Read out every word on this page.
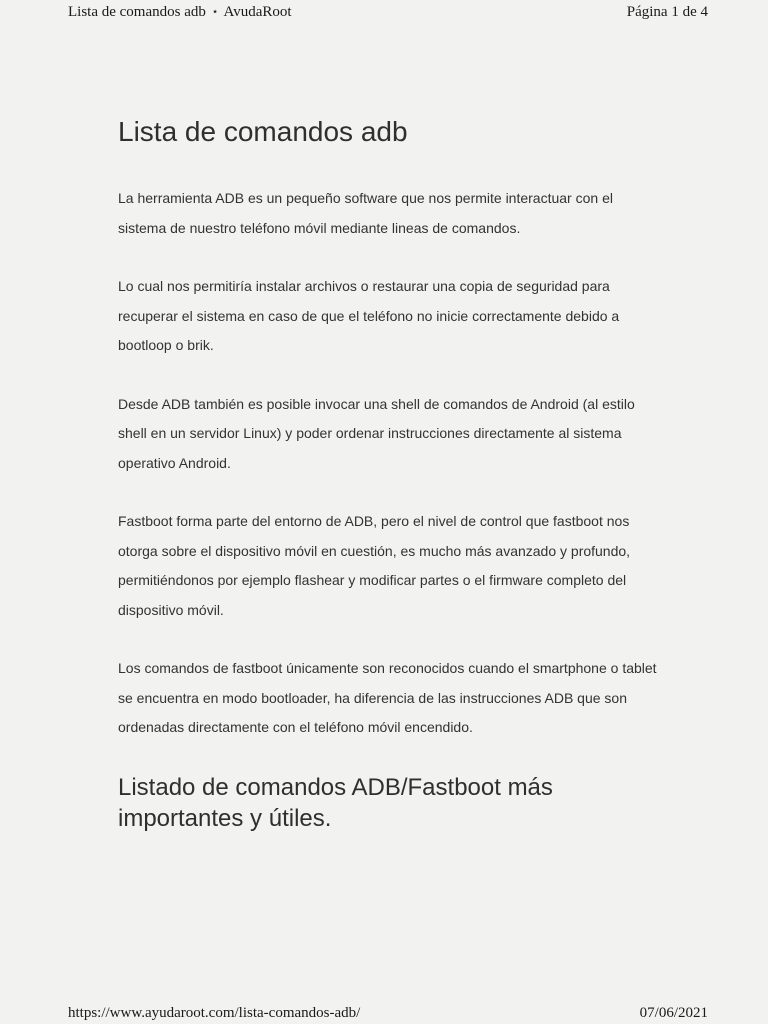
Lista de comandos adb ⋆ AvudaRoot	Página 1 de 4
Lista de comandos adb

La herramienta ADB es un pequeño software que nos permite interactuar con el sistema de nuestro teléfono móvil mediante lineas de comandos.

Lo cual nos permitiría instalar archivos o restaurar una copia de seguridad para recuperar el sistema en caso de que el teléfono no inicie correctamente debido a bootloop o brik.

Desde ADB también es posible invocar una shell de comandos de Android (al estilo shell en un servidor Linux) y poder ordenar instrucciones directamente al sistema operativo Android.

Fastboot forma parte del entorno de ADB, pero el nivel de control que fastboot nos otorga sobre el dispositivo móvil en cuestión, es mucho más avanzado y profundo, permitiéndonos por ejemplo flashear y modificar partes o el firmware completo del dispositivo móvil.

Los comandos de fastboot únicamente son reconocidos cuando el smartphone o tablet se encuentra en modo bootloader, ha diferencia de las instrucciones ADB que son ordenadas directamente con el teléfono móvil encendido.

Listado de comandos ADB/Fastboot más importantes y útiles.
https://www.ayudaroot.com/lista-comandos-adb/	07/06/2021
